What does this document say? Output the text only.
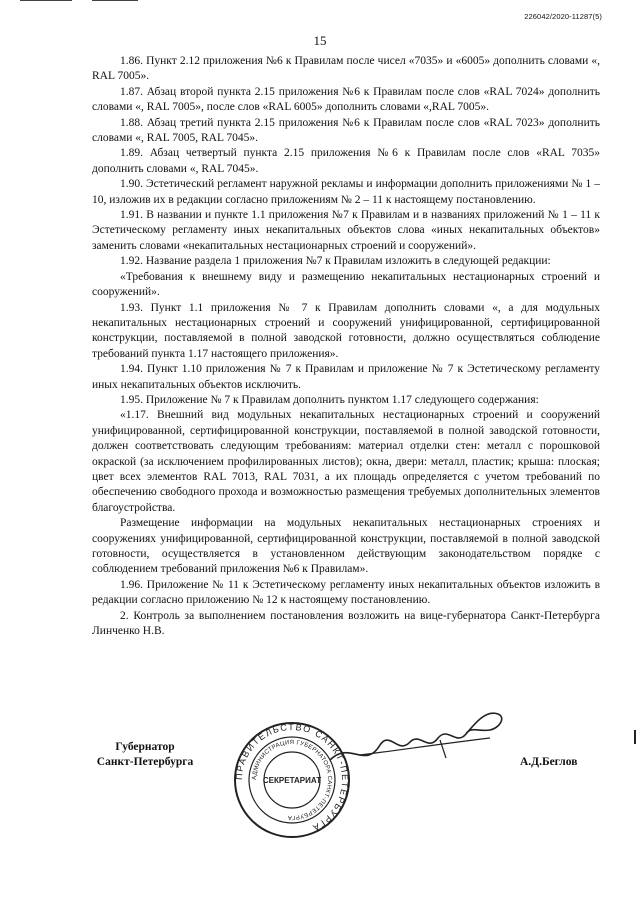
226042/2020-11287(5)
15

1.86. Пункт 2.12 приложения №6 к Правилам после чисел «7035» и «6005» дополнить словами «, RAL 7005».

1.87. Абзац второй пункта 2.15 приложения №6 к Правилам после слов «RAL 7024» дополнить словами «, RAL 7005», после слов «RAL 6005» дополнить словами «,RAL 7005».

1.88. Абзац третий пункта 2.15 приложения №6 к Правилам после слов «RAL 7023» дополнить словами «, RAL 7005, RAL 7045».

1.89. Абзац четвертый пункта 2.15 приложения №6 к Правилам после слов «RAL 7035» дополнить словами «, RAL 7045».

1.90. Эстетический регламент наружной рекламы и информации дополнить приложениями № 1 – 10, изложив их в редакции согласно приложениям № 2 – 11 к настоящему постановлению.

1.91. В названии и пункте 1.1 приложения №7 к Правилам и в названиях приложений № 1 – 11 к Эстетическому регламенту иных некапитальных объектов слова «иных некапитальных объектов» заменить словами «некапитальных нестационарных строений и сооружений».

1.92. Название раздела 1 приложения №7 к Правилам изложить в следующей редакции:

«Требования к внешнему виду и размещению некапитальных нестационарных строений и сооружений».

1.93. Пункт 1.1 приложения № 7 к Правилам дополнить словами «, а для модульных некапитальных нестационарных строений и сооружений унифицированной, сертифицированной конструкции, поставляемой в полной заводской готовности, должно осуществляться соблюдение требований пункта 1.17 настоящего приложения».

1.94. Пункт 1.10 приложения № 7 к Правилам и приложение № 7 к Эстетическому регламенту иных некапитальных объектов исключить.

1.95. Приложение № 7 к Правилам дополнить пунктом 1.17 следующего содержания:

«1.17. Внешний вид модульных некапитальных нестационарных строений и сооружений унифицированной, сертифицированной конструкции, поставляемой в полной заводской готовности, должен соответствовать следующим требованиям: материал отделки стен: металл с порошковой окраской (за исключением профилированных листов); окна, двери: металл, пластик; крыша: плоская; цвет всех элементов RAL 7013, RAL 7031, а их площадь определяется с учетом требований по обеспечению свободного прохода и возможностью размещения требуемых дополнительных элементов благоустройства.

Размещение информации на модульных некапитальных нестационарных строениях и сооружениях унифицированной, сертифицированной конструкции, поставляемой в полной заводской готовности, осуществляется в установленном действующим законодательством порядке с соблюдением требований приложения №6 к Правилам».

1.96. Приложение № 11 к Эстетическому регламенту иных некапитальных объектов изложить в редакции согласно приложению № 12 к настоящему постановлению.

2. Контроль за выполнением постановления возложить на вице-губернатора Санкт-Петербурга Линченко Н.В.

Губернатор
Санкт-Петербурга
ПРАВИТЕЛЬСТВО САНКТ-ПЕТЕРБУРГА
АДМИНИСТРАЦИЯ ГУБЕРНАТОРА САНКТ-ПЕТЕРБУРГА
СЕКРЕТАРИАТ
А.Д.Беглов
